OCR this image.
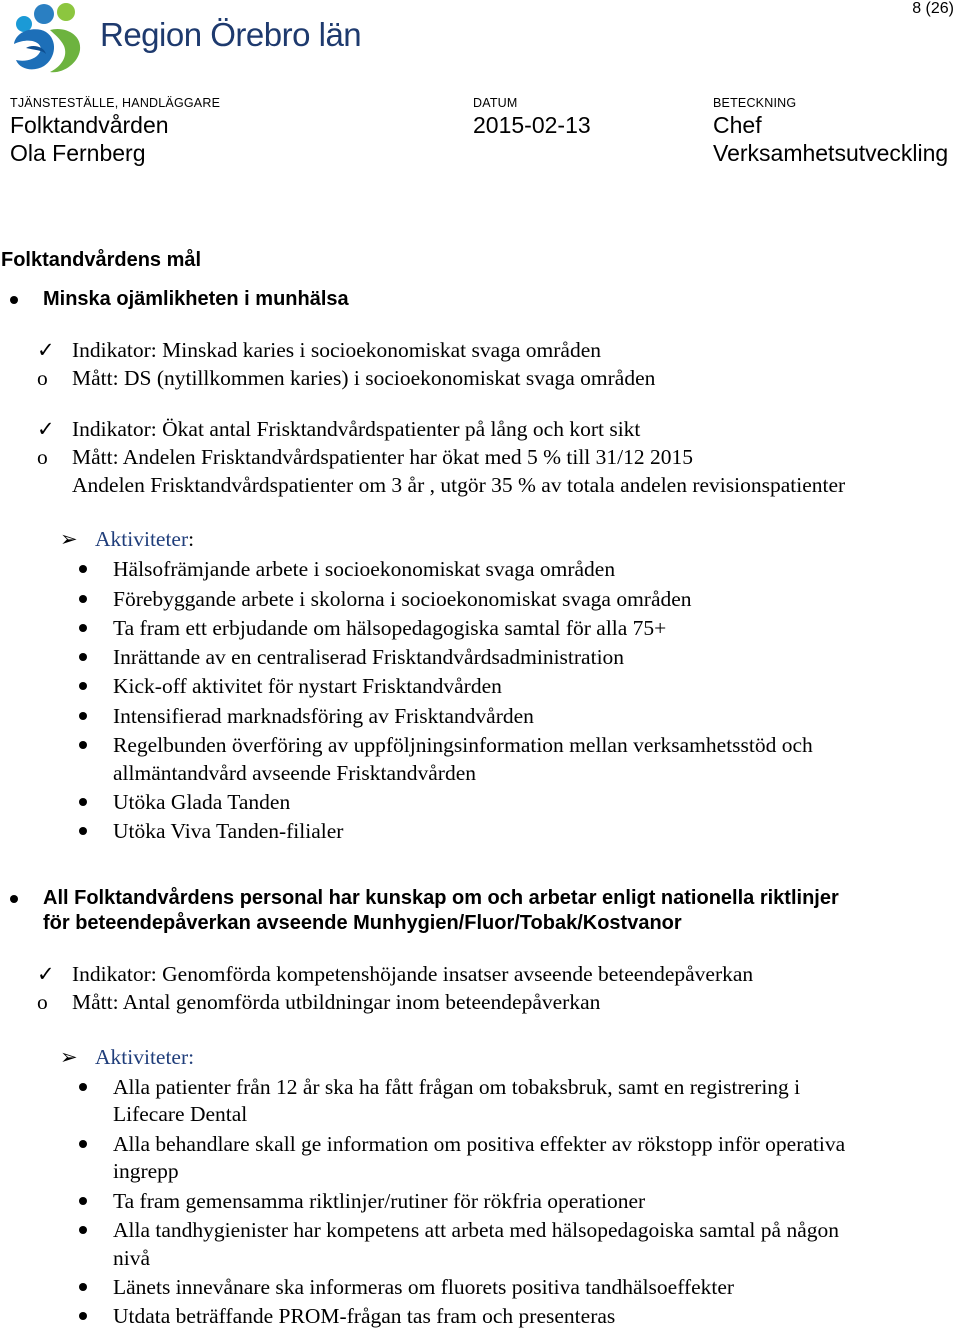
8 (26)
Region Örebro län
TJÄNSTESTÄLLE, HANDLÄGGARE
Folktandvården
Ola Fernberg
DATUM
2015-02-13
BETECKNING
Chef
Verksamhetsutveckling
Folktandvårdens mål
Minska ojämlikheten i munhälsa
✓ Indikator: Minskad karies i socioekonomiskat svaga områden
o Mått: DS (nytillkommen karies) i socioekonomiskat svaga områden
✓ Indikator: Ökat antal Frisktandvårdspatienter på lång och kort sikt
o Mått: Andelen Frisktandvårdspatienter har ökat med 5 % till 31/12 2015
Andelen Frisktandvårdspatienter om 3 år , utgör 35 % av totala andelen revisionspatienter
➢ Aktiviteter:
Hälsofrämjande arbete i socioekonomiskat svaga områden
Förebyggande arbete i skolorna i socioekonomiskat svaga områden
Ta fram ett erbjudande om hälsopedagogiska samtal för alla 75+
Inrättande av en centraliserad Frisktandvårdsadministration
Kick-off aktivitet för nystart Frisktandvården
Intensifierad marknadsföring av Frisktandvården
Regelbunden överföring av uppföljningsinformation mellan verksamhetsstöd och
allmäntandvård avseende Frisktandvården
Utöka Glada Tanden
Utöka Viva Tanden-filialer
All Folktandvårdens personal har kunskap om och arbetar enligt nationella riktlinjer
för beteendepåverkan avseende Munhygien/Fluor/Tobak/Kostvanor
✓ Indikator: Genomförda kompetenshöjande insatser avseende beteendepåverkan
o Mått: Antal genomförda utbildningar inom beteendepåverkan
➢ Aktiviteter:
Alla patienter från 12 år ska ha fått frågan om tobaksbruk, samt en registrering i
Lifecare Dental
Alla behandlare skall ge information om positiva effekter av rökstopp inför operativa
ingrepp
Ta fram gemensamma riktlinjer/rutiner för rökfria operationer
Alla tandhygienister har kompetens att arbeta med hälsopedagoiska samtal på någon
nivå
Länets innevånare ska informeras om fluorets positiva tandhälsoeffekter
Utdata beträffande PROM-frågan tas fram och presenteras
